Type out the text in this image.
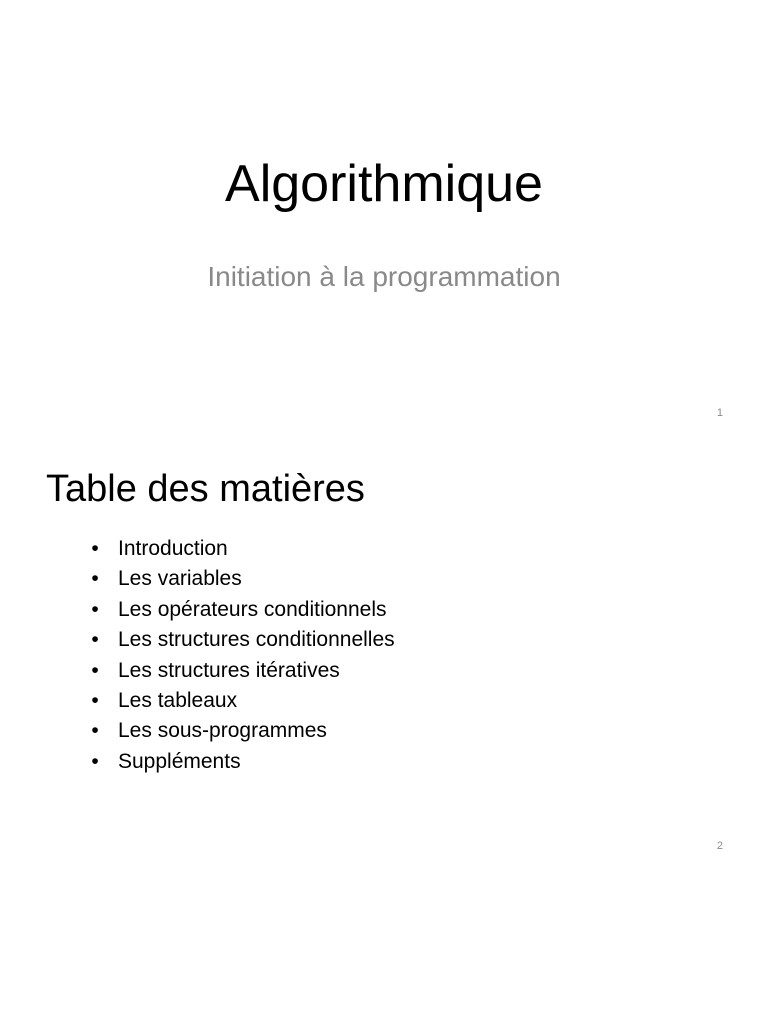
Algorithmique
Initiation à la programmation
1
Table des matières
• Introduction
• Les variables
• Les opérateurs conditionnels
• Les structures conditionnelles
• Les structures itératives
• Les tableaux
• Les sous-programmes
• Suppléments
2
